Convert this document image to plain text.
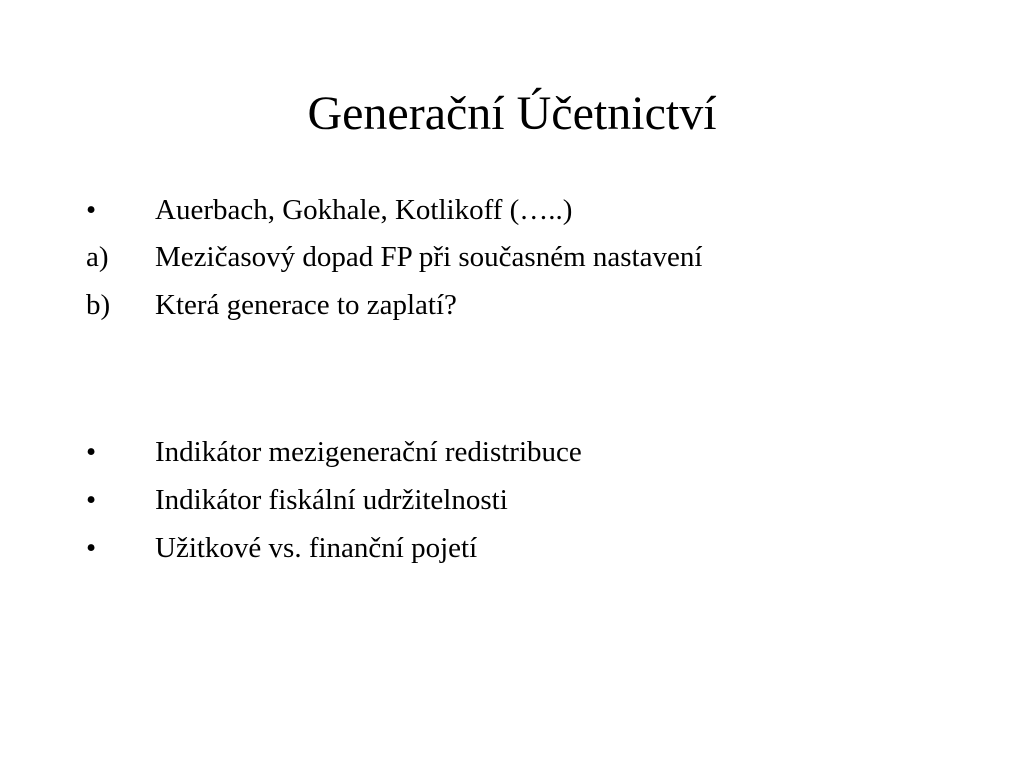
Generační Účetnictví
• Auerbach, Gokhale, Kotlikoff (…..)
a) Mezičasový dopad FP při současném nastavení
b) Která generace to zaplatí?
• Indikátor mezigenerační redistribuce
• Indikátor fiskální udržitelnosti
• Užitkové vs. finanční pojetí
